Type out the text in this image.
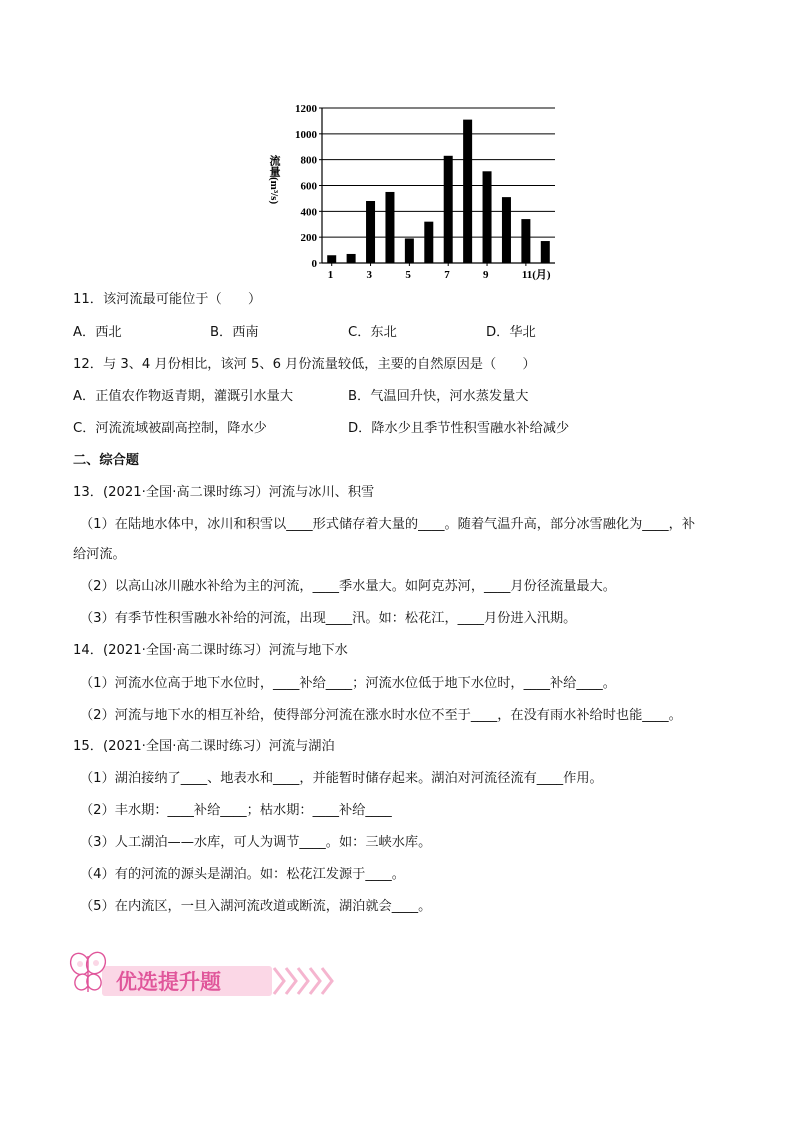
0
200
400
600
800
1000
1200
1	3	5	7	9	11(月)
流量(m³/s)
11．该河流最可能位于（　　）
A．西北	B．西南	C．东北	D．华北
12．与 3、4 月份相比，该河 5、6 月份流量较低，主要的自然原因是（　　）
A．正值农作物返青期，灌溉引水量大	B．气温回升快，河水蒸发量大
C．河流流域被副高控制，降水少	D．降水少且季节性积雪融水补给减少
二、综合题
13．(2021·全国·高二课时练习）河流与冰川、积雪
（1）在陆地水体中，冰川和积雪以____形式储存着大量的____。随着气温升高，部分冰雪融化为____，补
给河流。
（2）以高山冰川融水补给为主的河流，____季水量大。如阿克苏河，____月份径流量最大。
（3）有季节性积雪融水补给的河流，出现____汛。如：松花江，____月份进入汛期。
14．(2021·全国·高二课时练习）河流与地下水
（1）河流水位高于地下水位时，____补给____；河流水位低于地下水位时，____补给____。
（2）河流与地下水的相互补给，使得部分河流在涨水时水位不至于____，在没有雨水补给时也能____。
15．(2021·全国·高二课时练习）河流与湖泊
（1）湖泊接纳了____、地表水和____，并能暂时储存起来。湖泊对河流径流有____作用。
（2）丰水期：____补给____；枯水期：____补给____
（3）人工湖泊——水库，可人为调节____。如：三峡水库。
（4）有的河流的源头是湖泊。如：松花江发源于____。
（5）在内流区，一旦入湖河流改道或断流，湖泊就会____。
优选提升题
